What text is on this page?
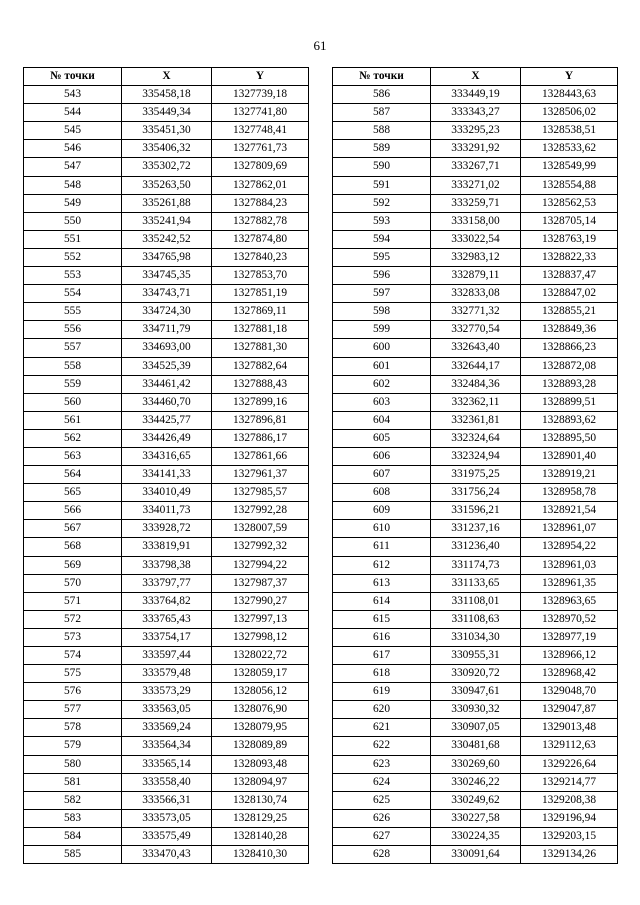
61
№ точки	X	Y
543	335458,18	1327739,18
544	335449,34	1327741,80
545	335451,30	1327748,41
546	335406,32	1327761,73
547	335302,72	1327809,69
548	335263,50	1327862,01
549	335261,88	1327884,23
550	335241,94	1327882,78
551	335242,52	1327874,80
552	334765,98	1327840,23
553	334745,35	1327853,70
554	334743,71	1327851,19
555	334724,30	1327869,11
556	334711,79	1327881,18
557	334693,00	1327881,30
558	334525,39	1327882,64
559	334461,42	1327888,43
560	334460,70	1327899,16
561	334425,77	1327896,81
562	334426,49	1327886,17
563	334316,65	1327861,66
564	334141,33	1327961,37
565	334010,49	1327985,57
566	334011,73	1327992,28
567	333928,72	1328007,59
568	333819,91	1327992,32
569	333798,38	1327994,22
570	333797,77	1327987,37
571	333764,82	1327990,27
572	333765,43	1327997,13
573	333754,17	1327998,12
574	333597,44	1328022,72
575	333579,48	1328059,17
576	333573,29	1328056,12
577	333563,05	1328076,90
578	333569,24	1328079,95
579	333564,34	1328089,89
580	333565,14	1328093,48
581	333558,40	1328094,97
582	333566,31	1328130,74
583	333573,05	1328129,25
584	333575,49	1328140,28
585	333470,43	1328410,30
№ точки	X	Y
586	333449,19	1328443,63
587	333343,27	1328506,02
588	333295,23	1328538,51
589	333291,92	1328533,62
590	333267,71	1328549,99
591	333271,02	1328554,88
592	333259,71	1328562,53
593	333158,00	1328705,14
594	333022,54	1328763,19
595	332983,12	1328822,33
596	332879,11	1328837,47
597	332833,08	1328847,02
598	332771,32	1328855,21
599	332770,54	1328849,36
600	332643,40	1328866,23
601	332644,17	1328872,08
602	332484,36	1328893,28
603	332362,11	1328899,51
604	332361,81	1328893,62
605	332324,64	1328895,50
606	332324,94	1328901,40
607	331975,25	1328919,21
608	331756,24	1328958,78
609	331596,21	1328921,54
610	331237,16	1328961,07
611	331236,40	1328954,22
612	331174,73	1328961,03
613	331133,65	1328961,35
614	331108,01	1328963,65
615	331108,63	1328970,52
616	331034,30	1328977,19
617	330955,31	1328966,12
618	330920,72	1328968,42
619	330947,61	1329048,70
620	330930,32	1329047,87
621	330907,05	1329013,48
622	330481,68	1329112,63
623	330269,60	1329226,64
624	330246,22	1329214,77
625	330249,62	1329208,38
626	330227,58	1329196,94
627	330224,35	1329203,15
628	330091,64	1329134,26
